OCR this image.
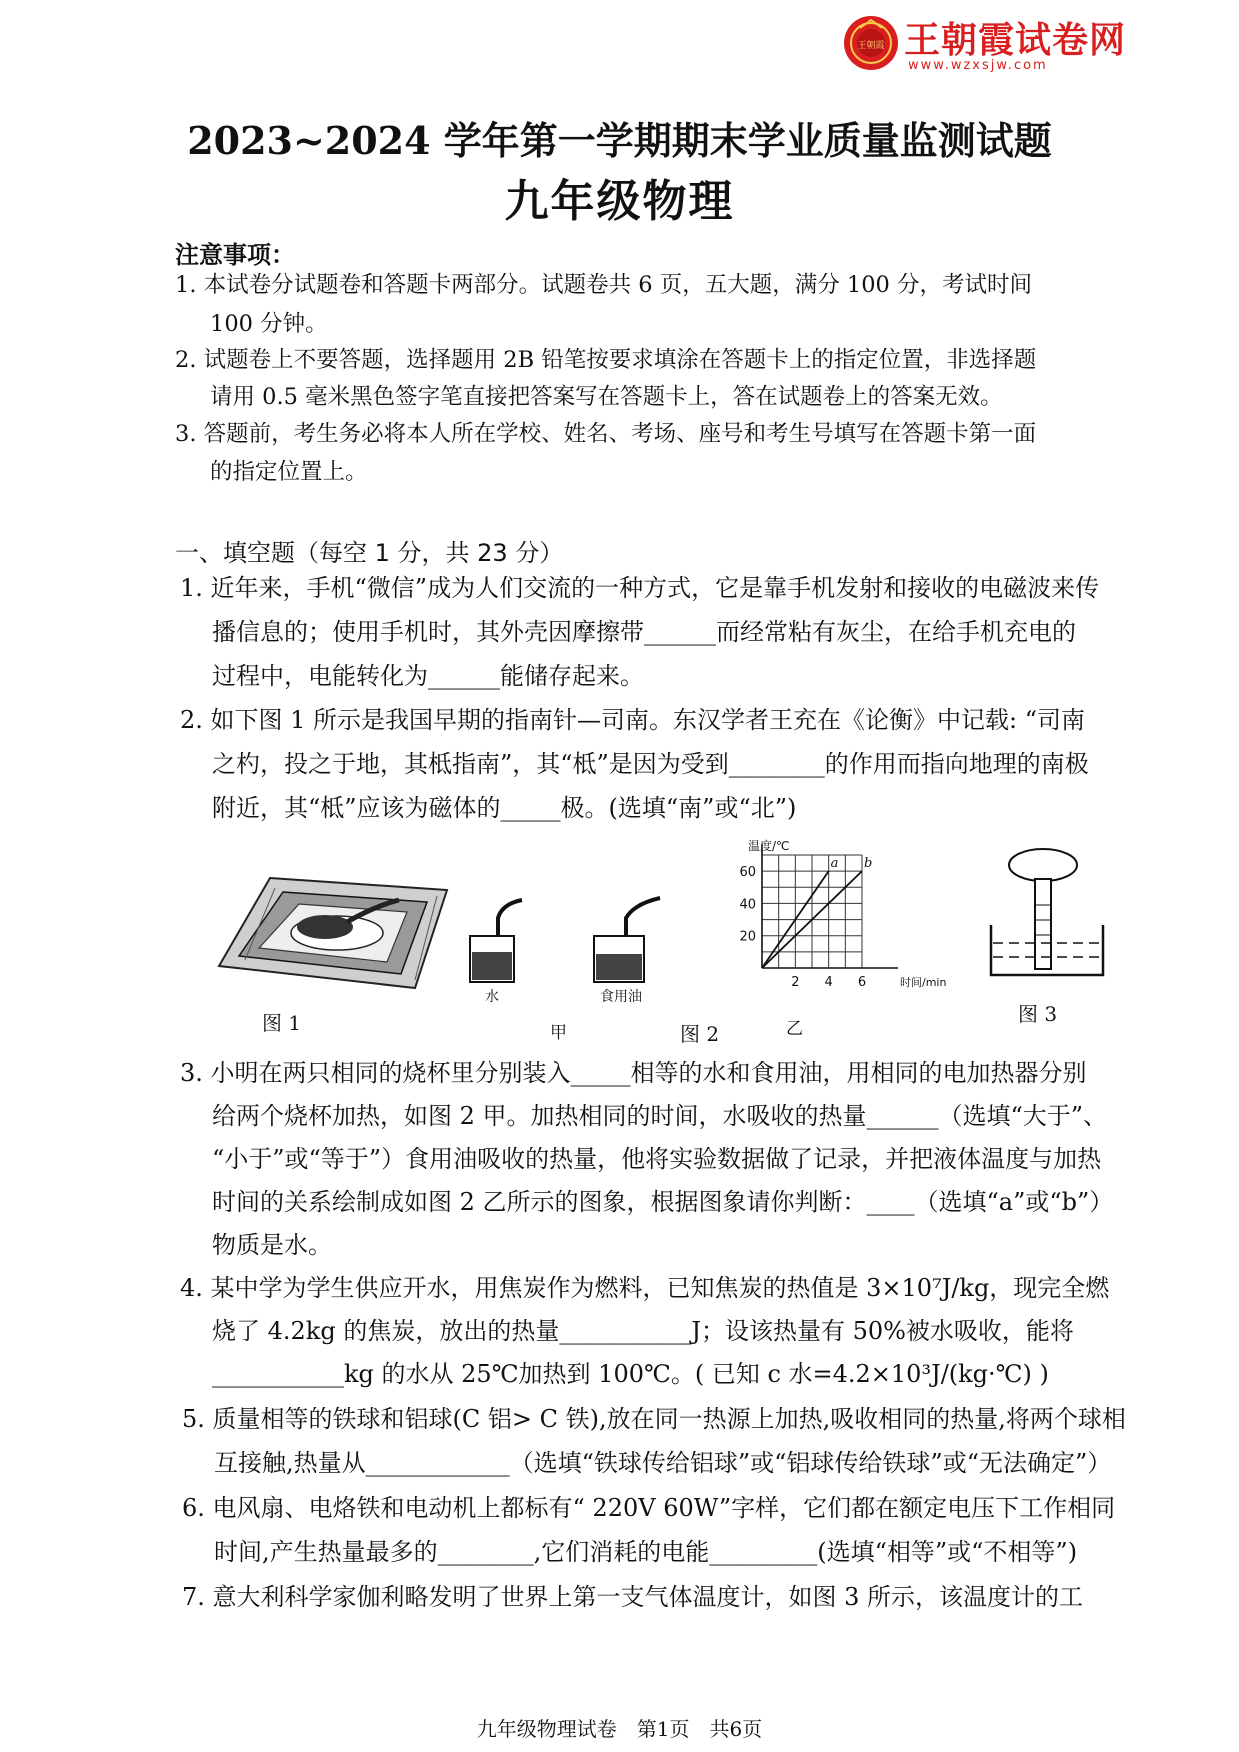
王朝霞 王朝霞试卷网
www.wzxsjw.com
2023~2024 学年第一学期期末学业质量监测试题
九年级物理
注意事项：
1. 本试卷分试题卷和答题卡两部分。试题卷共 6 页，五大题，满分 100 分，考试时间
100 分钟。
2. 试题卷上不要答题，选择题用 2B 铅笔按要求填涂在答题卡上的指定位置，非选择题
请用 0.5 毫米黑色签字笔直接把答案写在答题卡上，答在试题卷上的答案无效。
3. 答题前，考生务必将本人所在学校、姓名、考场、座号和考生号填写在答题卡第一面
的指定位置上。
一、填空题（每空 1 分，共 23 分）
1. 近年来，手机“微信”成为人们交流的一种方式，它是靠手机发射和接收的电磁波来传
播信息的；使用手机时，其外壳因摩擦带______而经常粘有灰尘，在给手机充电的
过程中，电能转化为______能储存起来。
2. 如下图 1 所示是我国早期的指南针—司南。东汉学者王充在《论衡》中记载: “司南
之杓，投之于地，其柢指南”，其“柢”是因为受到________的作用而指向地理的南极
附近，其“柢”应该为磁体的_____极。(选填“南”或“北”)
图 1
水	食用油
甲	图 2
温度/℃
时间/min
2 4 6
20
40
60
a b
乙
图 3
3. 小明在两只相同的烧杯里分别装入_____相等的水和食用油，用相同的电加热器分别
给两个烧杯加热，如图 2 甲。加热相同的时间，水吸收的热量______（选填“大于”、
“小于”或“等于”）食用油吸收的热量，他将实验数据做了记录，并把液体温度与加热
时间的关系绘制成如图 2 乙所示的图象，根据图象请你判断：____（选填“a”或“b”）
物质是水。
4. 某中学为学生供应开水，用焦炭作为燃料，已知焦炭的热值是 3×10⁷J/kg，现完全燃
烧了 4.2kg 的焦炭，放出的热量___________J；设该热量有 50%被水吸收，能将
___________kg 的水从 25℃加热到 100℃。( 已知 c 水=4.2×10³J/(kg·℃) )
5. 质量相等的铁球和铝球(C 铝> C 铁),放在同一热源上加热,吸收相同的热量,将两个球相
互接触,热量从____________（选填“铁球传给铝球”或“铝球传给铁球”或“无法确定”）
6. 电风扇、电烙铁和电动机上都标有“ 220V 60W”字样，它们都在额定电压下工作相同
时间,产生热量最多的________,它们消耗的电能_________(选填“相等”或“不相等”)
7. 意大利科学家伽利略发明了世界上第一支气体温度计，如图 3 所示，该温度计的工
九年级物理试卷　第1页　共6页
